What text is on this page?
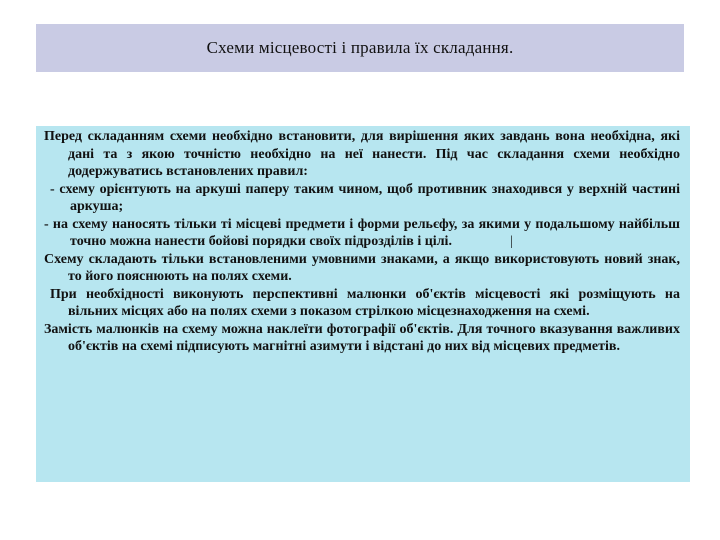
Схеми місцевості і правила їх складання.

Перед складанням схеми необхідно встановити, для вирішення яких завдань вона необхідна, які дані та з якою точністю необхідно на неї нанести. Під час складання схеми необхідно додержуватись встановлених правил:

- схему орієнтують на аркуші паперу таким чином, щоб противник знаходився у верхній частині аркуша;

- на схему наносять тільки ті місцеві предмети і форми рельєфу, за якими у подальшому найбільш точно можна нанести бойові порядки своїх підрозділів і цілі.	|

Схему складають тільки встановленими умовними знаками, а якщо використовують новий знак, то його пояснюють на полях схеми.

При необхідності виконують перспективні малюнки об'єктів місцевості які розміщують на вільних місцях або на полях схеми з показом стрілкою місцезнаходження на схемі.

Замість малюнків на схему можна наклеїти фотографії об'єктів. Для точного вказування важливих об'єктів на схемі підписують магнітні азимути і відстані до них від місцевих предметів.
